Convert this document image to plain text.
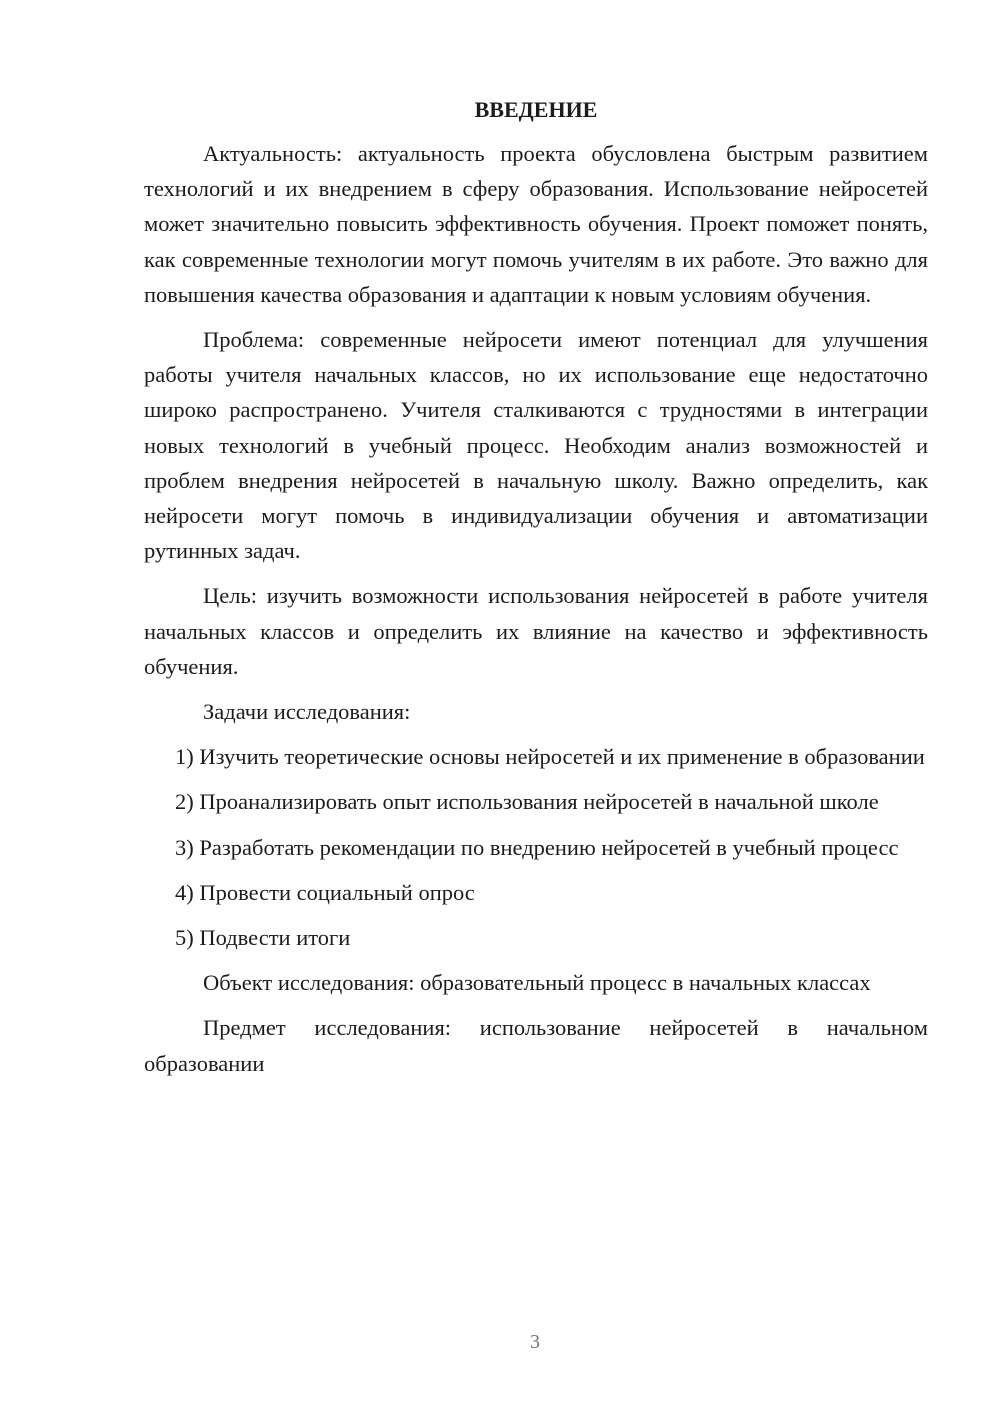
ВВЕДЕНИЕ

Актуальность: актуальность проекта обусловлена быстрым развитием технологий и их внедрением в сферу образования. Использование нейросетей может значительно повысить эффективность обучения. Проект поможет понять, как современные технологии могут помочь учителям в их работе. Это важно для повышения качества образования и адаптации к новым условиям обучения.

Проблема: современные нейросети имеют потенциал для улучшения работы учителя начальных классов, но их использование еще недостаточно широко распространено. Учителя сталкиваются с трудностями в интеграции новых технологий в учебный процесс. Необходим анализ возможностей и проблем внедрения нейросетей в начальную школу. Важно определить, как нейросети могут помочь в индивидуализации обучения и автоматизации рутинных задач.

Цель: изучить возможности использования нейросетей в работе учителя начальных классов и определить их влияние на качество и эффективность обучения.

Задачи исследования:

1) Изучить теоретические основы нейросетей и их применение в образовании

2) Проанализировать опыт использования нейросетей в начальной школе

3) Разработать рекомендации по внедрению нейросетей в учебный процесс

4) Провести социальный опрос

5) Подвести итоги

Объект исследования: образовательный процесс в начальных классах

Предмет исследования: использование нейросетей в начальном образовании

3
